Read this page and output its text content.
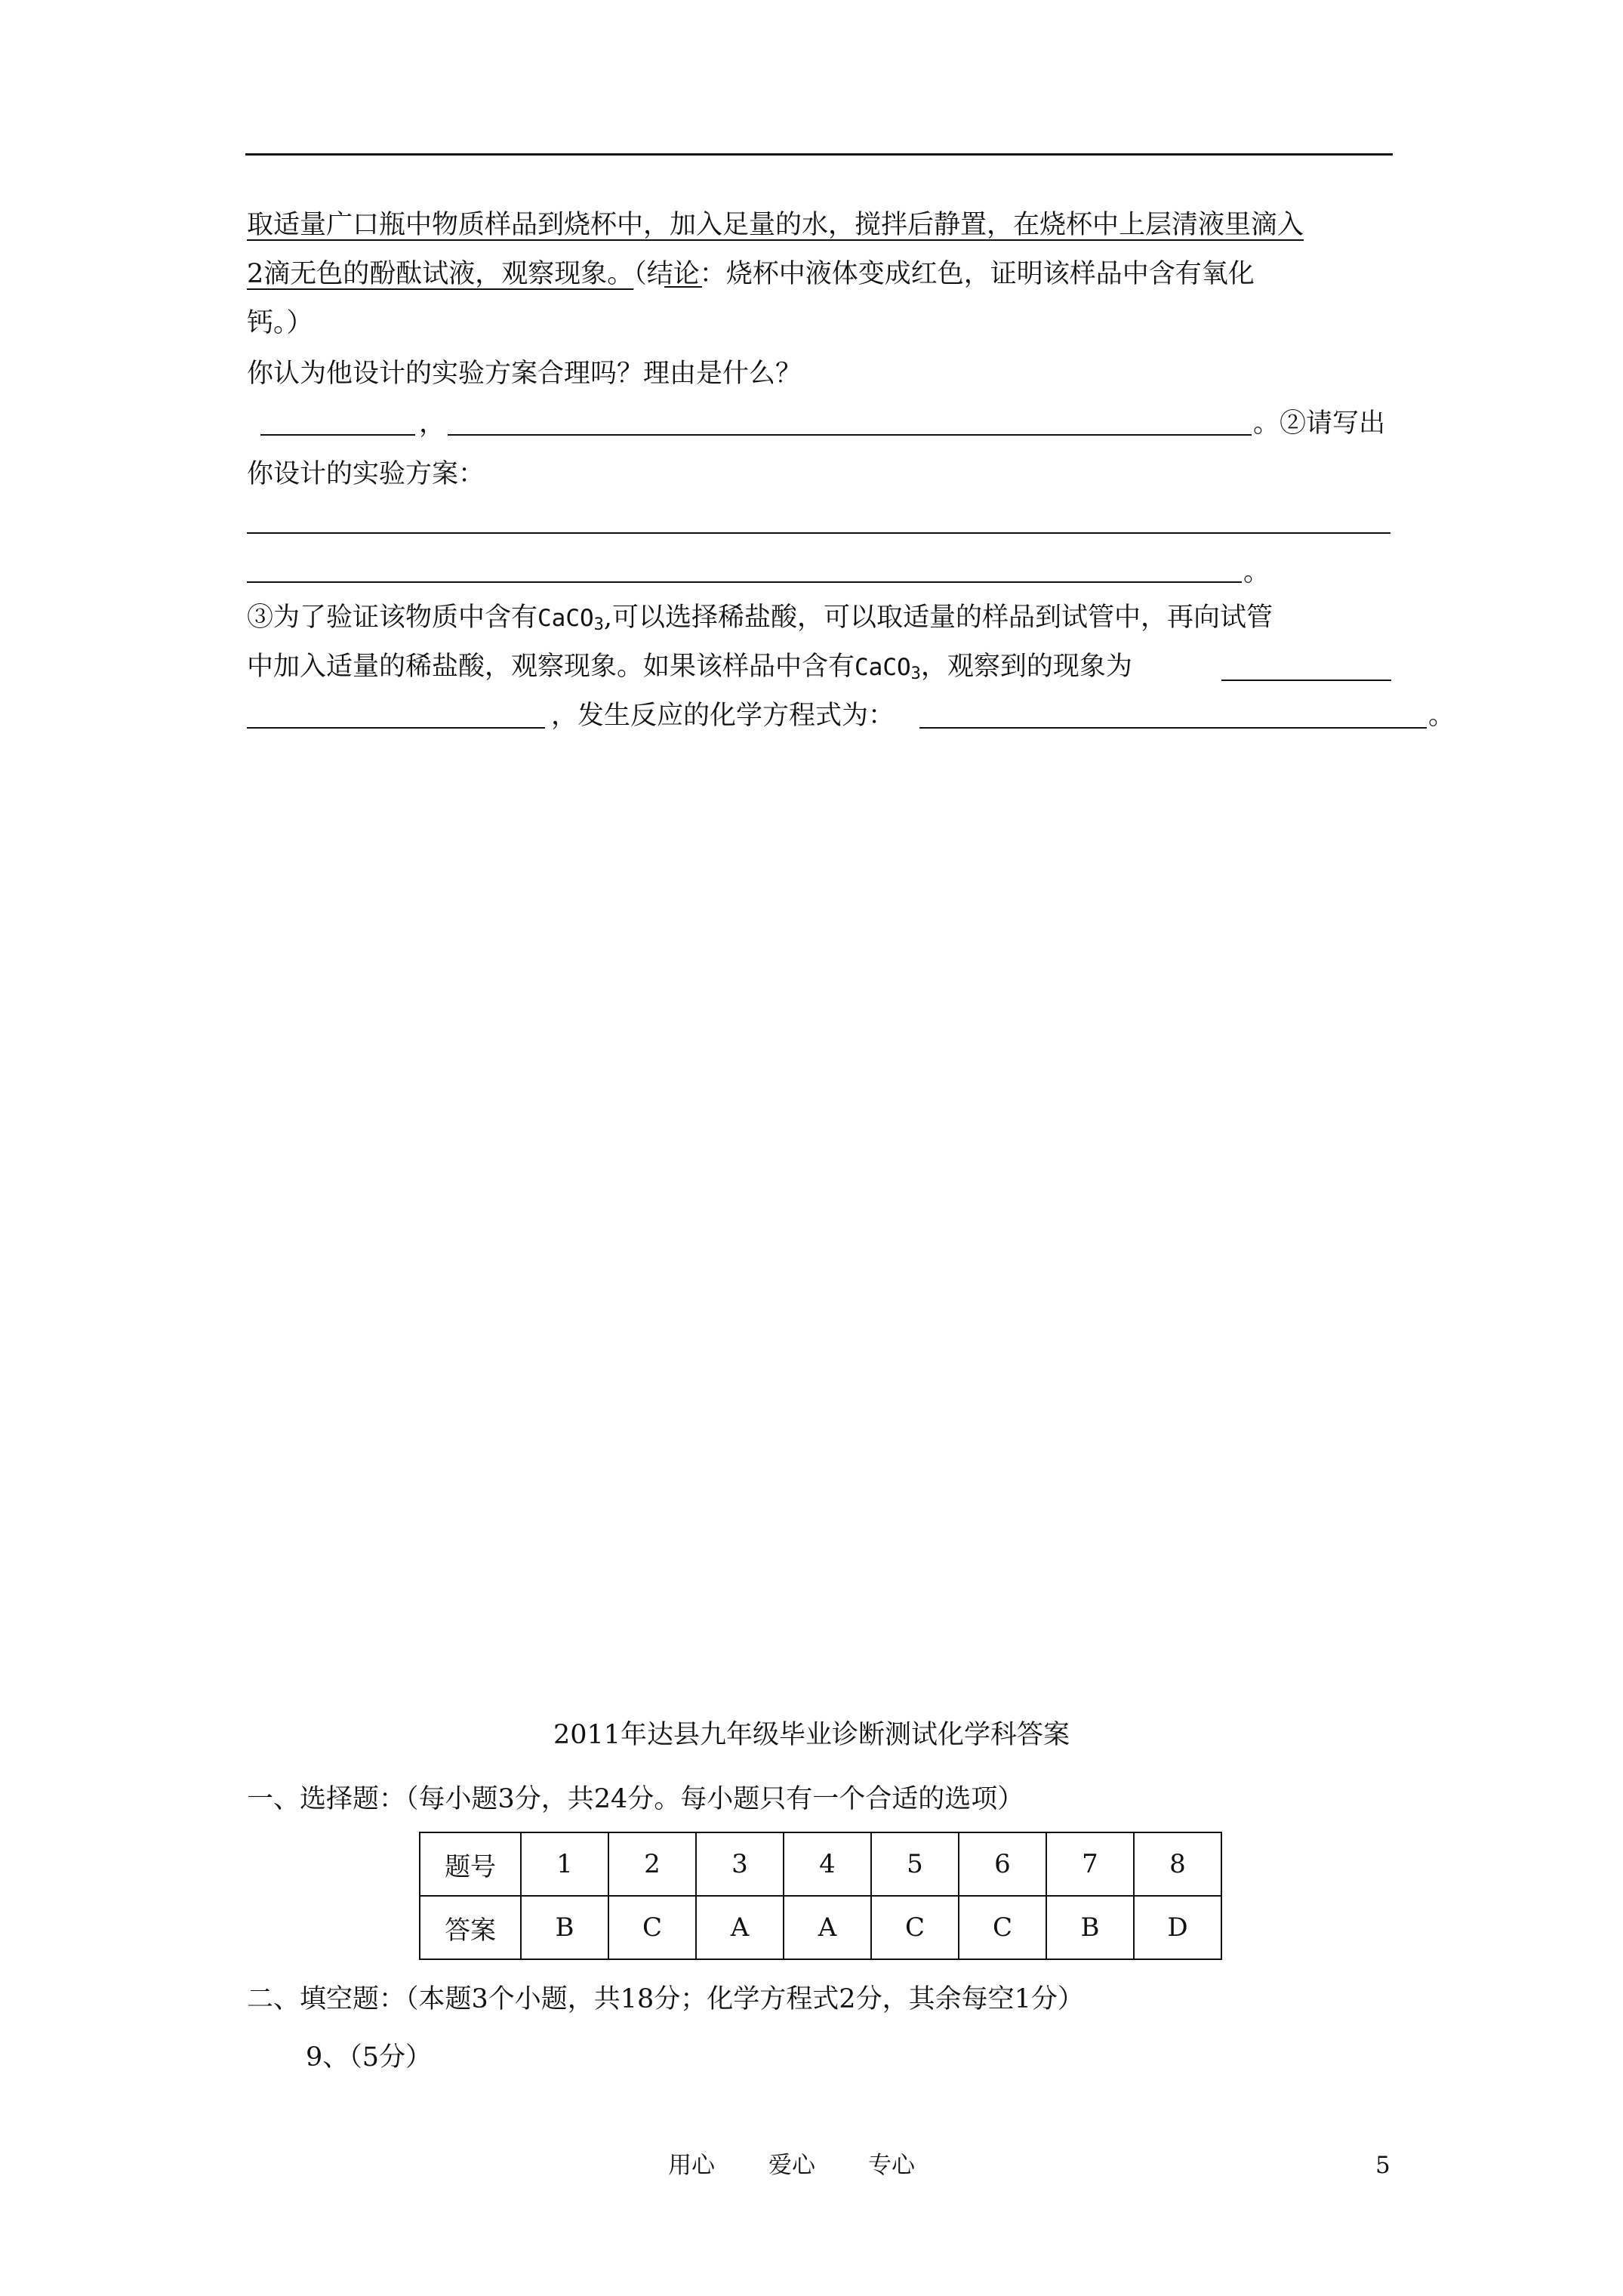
取适量广口瓶中物质样品到烧杯中，加入足量的水，搅拌后静置，在烧杯中上层清液里滴入
2滴无色的酚酞试液，观察现象。（结论：烧杯中液体变成红色，证明该样品中含有氧化
钙。）
你认为他设计的实验方案合理吗？理由是什么？
，	。②请写出
你设计的实验方案：
。
③为了验证该物质中含有CaCO$_3$,可以选择稀盐酸，可以取适量的样品到试管中，再向试管
中加入适量的稀盐酸，观察现象。如果该样品中含有CaCO$_3$，观察到的现象为
，发生反应的化学方程式为：	。
2011年达县九年级毕业诊断测试化学科答案
一、选择题：（每小题3分，共24分。每小题只有一个合适的选项）
题号	1	2	3	4	5	6	7	8
答案	B	C	A	A	C	C	B	D
二、填空题：（本题3个小题，共18分；化学方程式2分，其余每空1分）
9、（5分）
用心 爱心 专心	5
